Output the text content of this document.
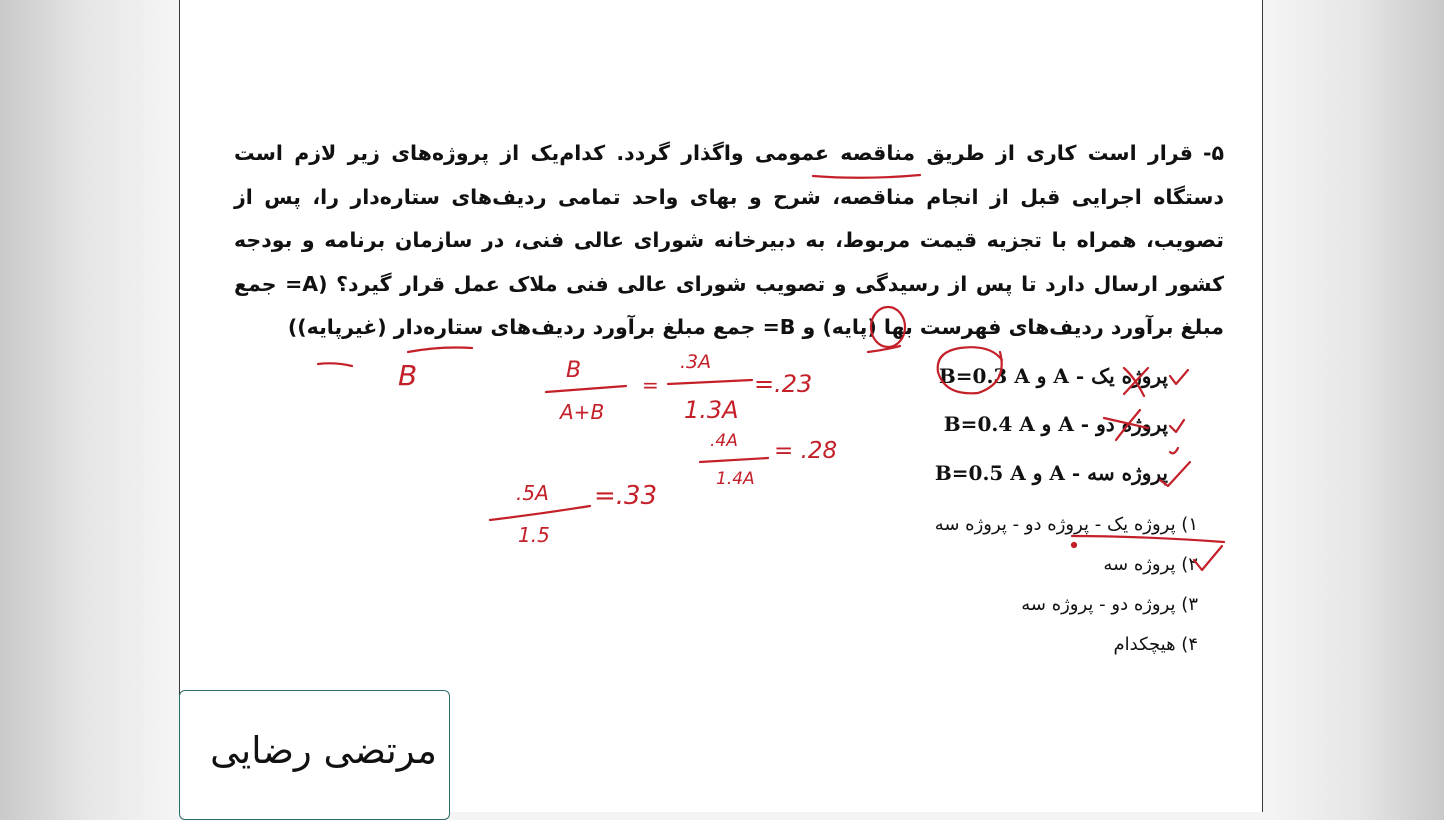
۵-قرار است کاری از طریق مناقصه عمومی واگذار گردد. کدام‌یک از پروژه‌های زیر لازم است دستگاه اجرایی قبل از انجام مناقصه، شرح و بهای واحد تمامی ردیف‌های ستاره‌دار را، پس از تصویب، همراه با تجزیه قیمت مربوط، به دبیرخانه شورای عالی فنی، در سازمان برنامه و بودجه کشور ارسال دارد تا پس از رسیدگی و تصویب شورای عالی فنی ملاک عمل قرار گیرد؟ (A= جمع مبلغ برآورد ردیف‌های فهرست بها (پایه) و B= جمع مبلغ برآورد ردیف‌های ستاره‌دار (غیرپایه))
پروژه یک - A و B=0.3 A
پروژه دو - A و B=0.4 A
پروژه سه - A و B=0.5 A
۱) پروژه یک - پروژه دو - پروژه سه
۲) پروژه سه
۳) پروژه دو - پروژه سه
۴) هیچکدام
B	B
A+B
=
.3A
1.3A
=.23
.4A
1.4A
= .28
.5A
1.5
=.33
مرتضی رضایی
